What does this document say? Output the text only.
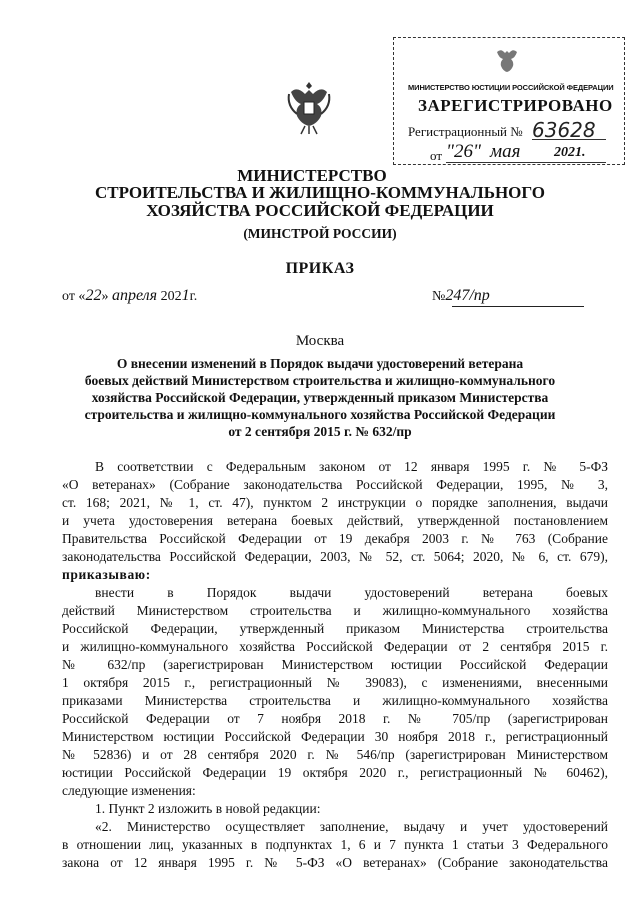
МИНИСТЕРСТВО ЮСТИЦИИ РОССИЙСКОЙ ФЕДЕРАЦИИ
ЗАРЕГИСТРИРОВАНО
Регистрационный № 63628
от "26" мая 2021.
МИНИСТЕРСТВО
СТРОИТЕЛЬСТВА И ЖИЛИЩНО-КОММУНАЛЬНОГО
ХОЗЯЙСТВА РОССИЙСКОЙ ФЕДЕРАЦИИ
(МИНСТРОЙ РОССИИ)
ПРИКАЗ
от «22» апреля 2021г.	№247/пр
Москва
О внесении изменений в Порядок выдачи удостоверений ветерана
боевых действий Министерством строительства и жилищно-коммунального
хозяйства Российской Федерации, утвержденный приказом Министерства
строительства и жилищно-коммунального хозяйства Российской Федерации
от 2 сентября 2015 г. № 632/пр
В соответствии с Федеральным законом от 12 января 1995 г. № 5-ФЗ
«О ветеранах» (Собрание законодательства Российской Федерации, 1995, № 3,
ст. 168; 2021, № 1, ст. 47), пунктом 2 инструкции о порядке заполнения, выдачи
и учета удостоверения ветерана боевых действий, утвержденной постановлением
Правительства Российской Федерации от 19 декабря 2003 г. № 763 (Собрание
законодательства Российской Федерации, 2003, № 52, ст. 5064; 2020, № 6, ст. 679),
приказываю:
внести в Порядок выдачи удостоверений ветерана боевых
действий Министерством строительства и жилищно-коммунального хозяйства
Российской Федерации, утвержденный приказом Министерства строительства
и жилищно-коммунального хозяйства Российской Федерации от 2 сентября 2015 г.
№ 632/пр (зарегистрирован Министерством юстиции Российской Федерации
1 октября 2015 г., регистрационный № 39083), с изменениями, внесенными
приказами Министерства строительства и жилищно-коммунального хозяйства
Российской Федерации от 7 ноября 2018 г. № 705/пр (зарегистрирован
Министерством юстиции Российской Федерации 30 ноября 2018 г., регистрационный
№ 52836) и от 28 сентября 2020 г. № 546/пр (зарегистрирован Министерством
юстиции Российской Федерации 19 октября 2020 г., регистрационный № 60462),
следующие изменения:
1. Пункт 2 изложить в новой редакции:
«2. Министерство осуществляет заполнение, выдачу и учет удостоверений
в отношении лиц, указанных в подпунктах 1, 6 и 7 пункта 1 статьи 3 Федерального
закона от 12 января 1995 г. № 5-ФЗ «О ветеранах» (Собрание законодательства
